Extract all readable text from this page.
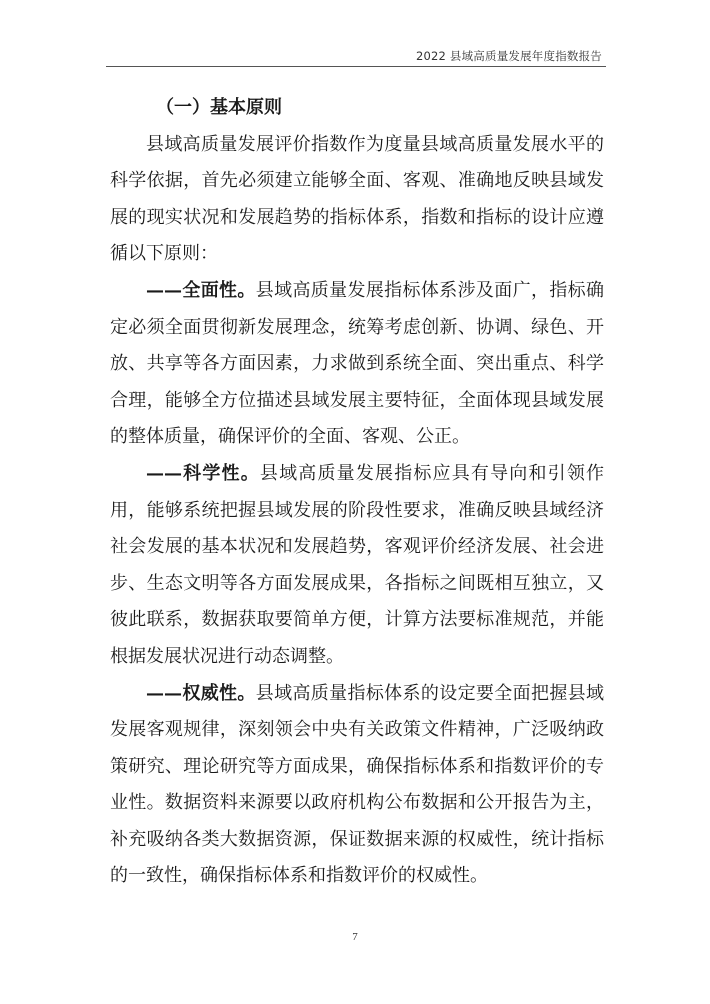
2022 县域高质量发展年度指数报告
（一）基本原则

县域高质量发展评价指数作为度量县域高质量发展水平的科学依据，首先必须建立能够全面、客观、准确地反映县域发展的现实状况和发展趋势的指标体系，指数和指标的设计应遵循以下原则：

——全面性。县域高质量发展指标体系涉及面广，指标确定必须全面贯彻新发展理念，统筹考虑创新、协调、绿色、开放、共享等各方面因素，力求做到系统全面、突出重点、科学合理，能够全方位描述县域发展主要特征，全面体现县域发展的整体质量，确保评价的全面、客观、公正。

——科学性。县域高质量发展指标应具有导向和引领作用，能够系统把握县域发展的阶段性要求，准确反映县域经济社会发展的基本状况和发展趋势，客观评价经济发展、社会进步、生态文明等各方面发展成果，各指标之间既相互独立，又彼此联系，数据获取要简单方便，计算方法要标准规范，并能根据发展状况进行动态调整。

——权威性。县域高质量指标体系的设定要全面把握县域发展客观规律，深刻领会中央有关政策文件精神，广泛吸纳政策研究、理论研究等方面成果，确保指标体系和指数评价的专业性。数据资料来源要以政府机构公布数据和公开报告为主，补充吸纳各类大数据资源，保证数据来源的权威性，统计指标的一致性，确保指标体系和指数评价的权威性。

7
